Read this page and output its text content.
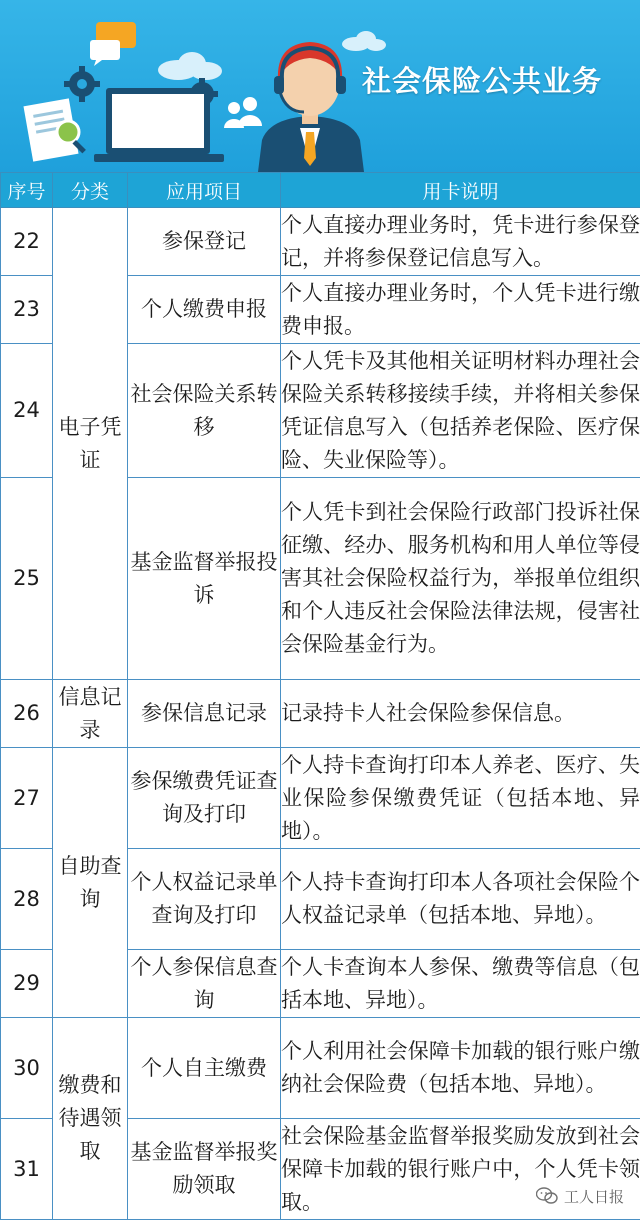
社会保险公共业务
序号	分类	应用项目	用卡说明
22	电子凭证	参保登记	个人直接办理业务时，凭卡进行参保登记，并将参保登记信息写入。
23		个人缴费申报	个人直接办理业务时，个人凭卡进行缴费申报。
24		社会保险关系转移	个人凭卡及其他相关证明材料办理社会保险关系转移接续手续，并将相关参保凭证信息写入（包括养老保险、医疗保险、失业保险等）。
25		基金监督举报投诉	个人凭卡到社会保险行政部门投诉社保征缴、经办、服务机构和用人单位等侵害其社会保险权益行为，举报单位组织和个人违反社会保险法律法规，侵害社会保险基金行为。
26	信息记录	参保信息记录	记录持卡人社会保险参保信息。
27	自助查询	参保缴费凭证查询及打印	个人持卡查询打印本人养老、医疗、失业保险参保缴费凭证（包括本地、异地）。
28		个人权益记录单查询及打印	个人持卡查询打印本人各项社会保险个人权益记录单（包括本地、异地）。
29		个人参保信息查询	个人卡查询本人参保、缴费等信息（包括本地、异地）。
30	缴费和待遇领取	个人自主缴费	个人利用社会保障卡加载的银行账户缴纳社会保险费（包括本地、异地）。
31		基金监督举报奖励领取	社会保险基金监督举报奖励发放到社会保障卡加载的银行账户中，个人凭卡领取。	工人日报
